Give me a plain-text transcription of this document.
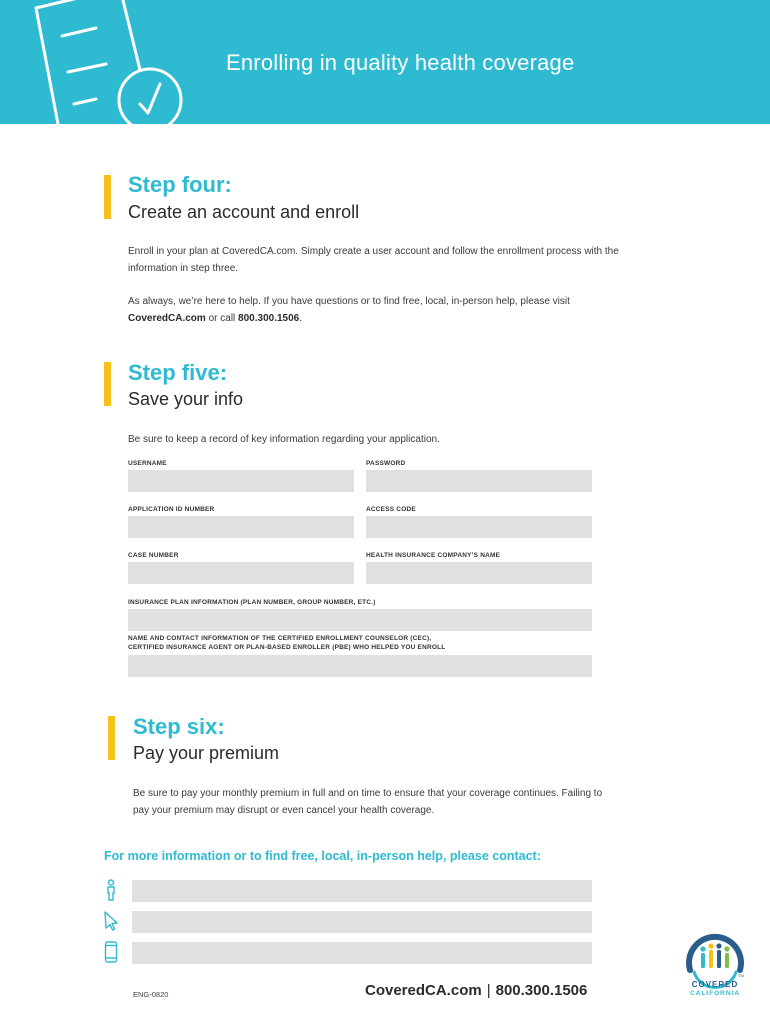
Enrolling in quality health coverage
Step four:
Create an account and enroll
Enroll in your plan at CoveredCA.com. Simply create a user account and follow the enrollment process with the information in step three.
As always, we’re here to help. If you have questions or to find free, local, in-person help, please visit
CoveredCA.com or call 800.300.1506.
Step five:
Save your info
Be sure to keep a record of key information regarding your application.
USERNAME	PASSWORD
APPLICATION ID NUMBER	ACCESS CODE
CASE NUMBER	HEALTH INSURANCE COMPANY’S NAME
INSURANCE PLAN INFORMATION (PLAN NUMBER, GROUP NUMBER, ETC.)
NAME AND CONTACT INFORMATION OF THE CERTIFIED ENROLLMENT COUNSELOR (CEC),
CERTIFIED INSURANCE AGENT OR PLAN-BASED ENROLLER (PBE) WHO HELPED YOU ENROLL
Step six:
Pay your premium
Be sure to pay your monthly premium in full and on time to ensure that your coverage continues. Failing to pay your premium may disrupt or even cancel your health coverage.
For more information or to find free, local, in-person help, please contact:
ENG-0820	CoveredCA.com | 800.300.1506
TM
COVERED
CALIFORNIA
